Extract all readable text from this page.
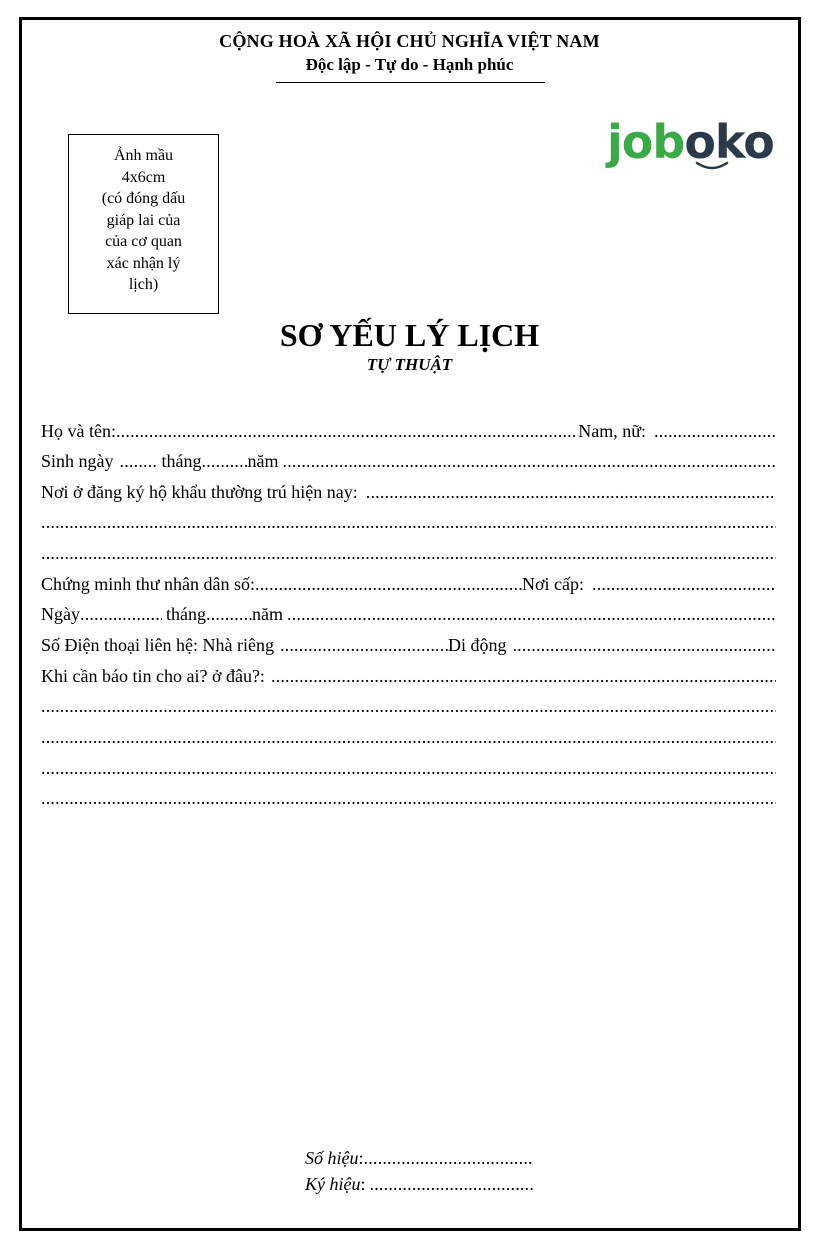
CỘNG HOÀ XÃ HỘI CHỦ NGHĨA VIỆT NAM
Độc lập - Tự do - Hạnh phúc
Ảnh mầu
4x6cm
(có đóng dấu
giáp lai của
của cơ quan
xác nhận lý
lịch)
joboko
SƠ YẾU LÝ LỊCH
TỰ THUẬT
Họ và tên: .....	Nam, nữ:
.....
Sinh ngày .....	tháng .....	năm
.....
Nơi ở đăng ký hộ khẩu thường trú hiện nay:
.....
.....
.....
Chứng minh thư nhân dân số: .....	Nơi cấp:
.....
Ngày .....	tháng .....	năm
.....
Số Điện thoại liên hệ: Nhà riêng .....	Di động
.....
Khi cần báo tin cho ai? ở đâu?:
.....
.....
.....
.....
.....
Số hiệu :
.....
Ký hiệu :
.....
